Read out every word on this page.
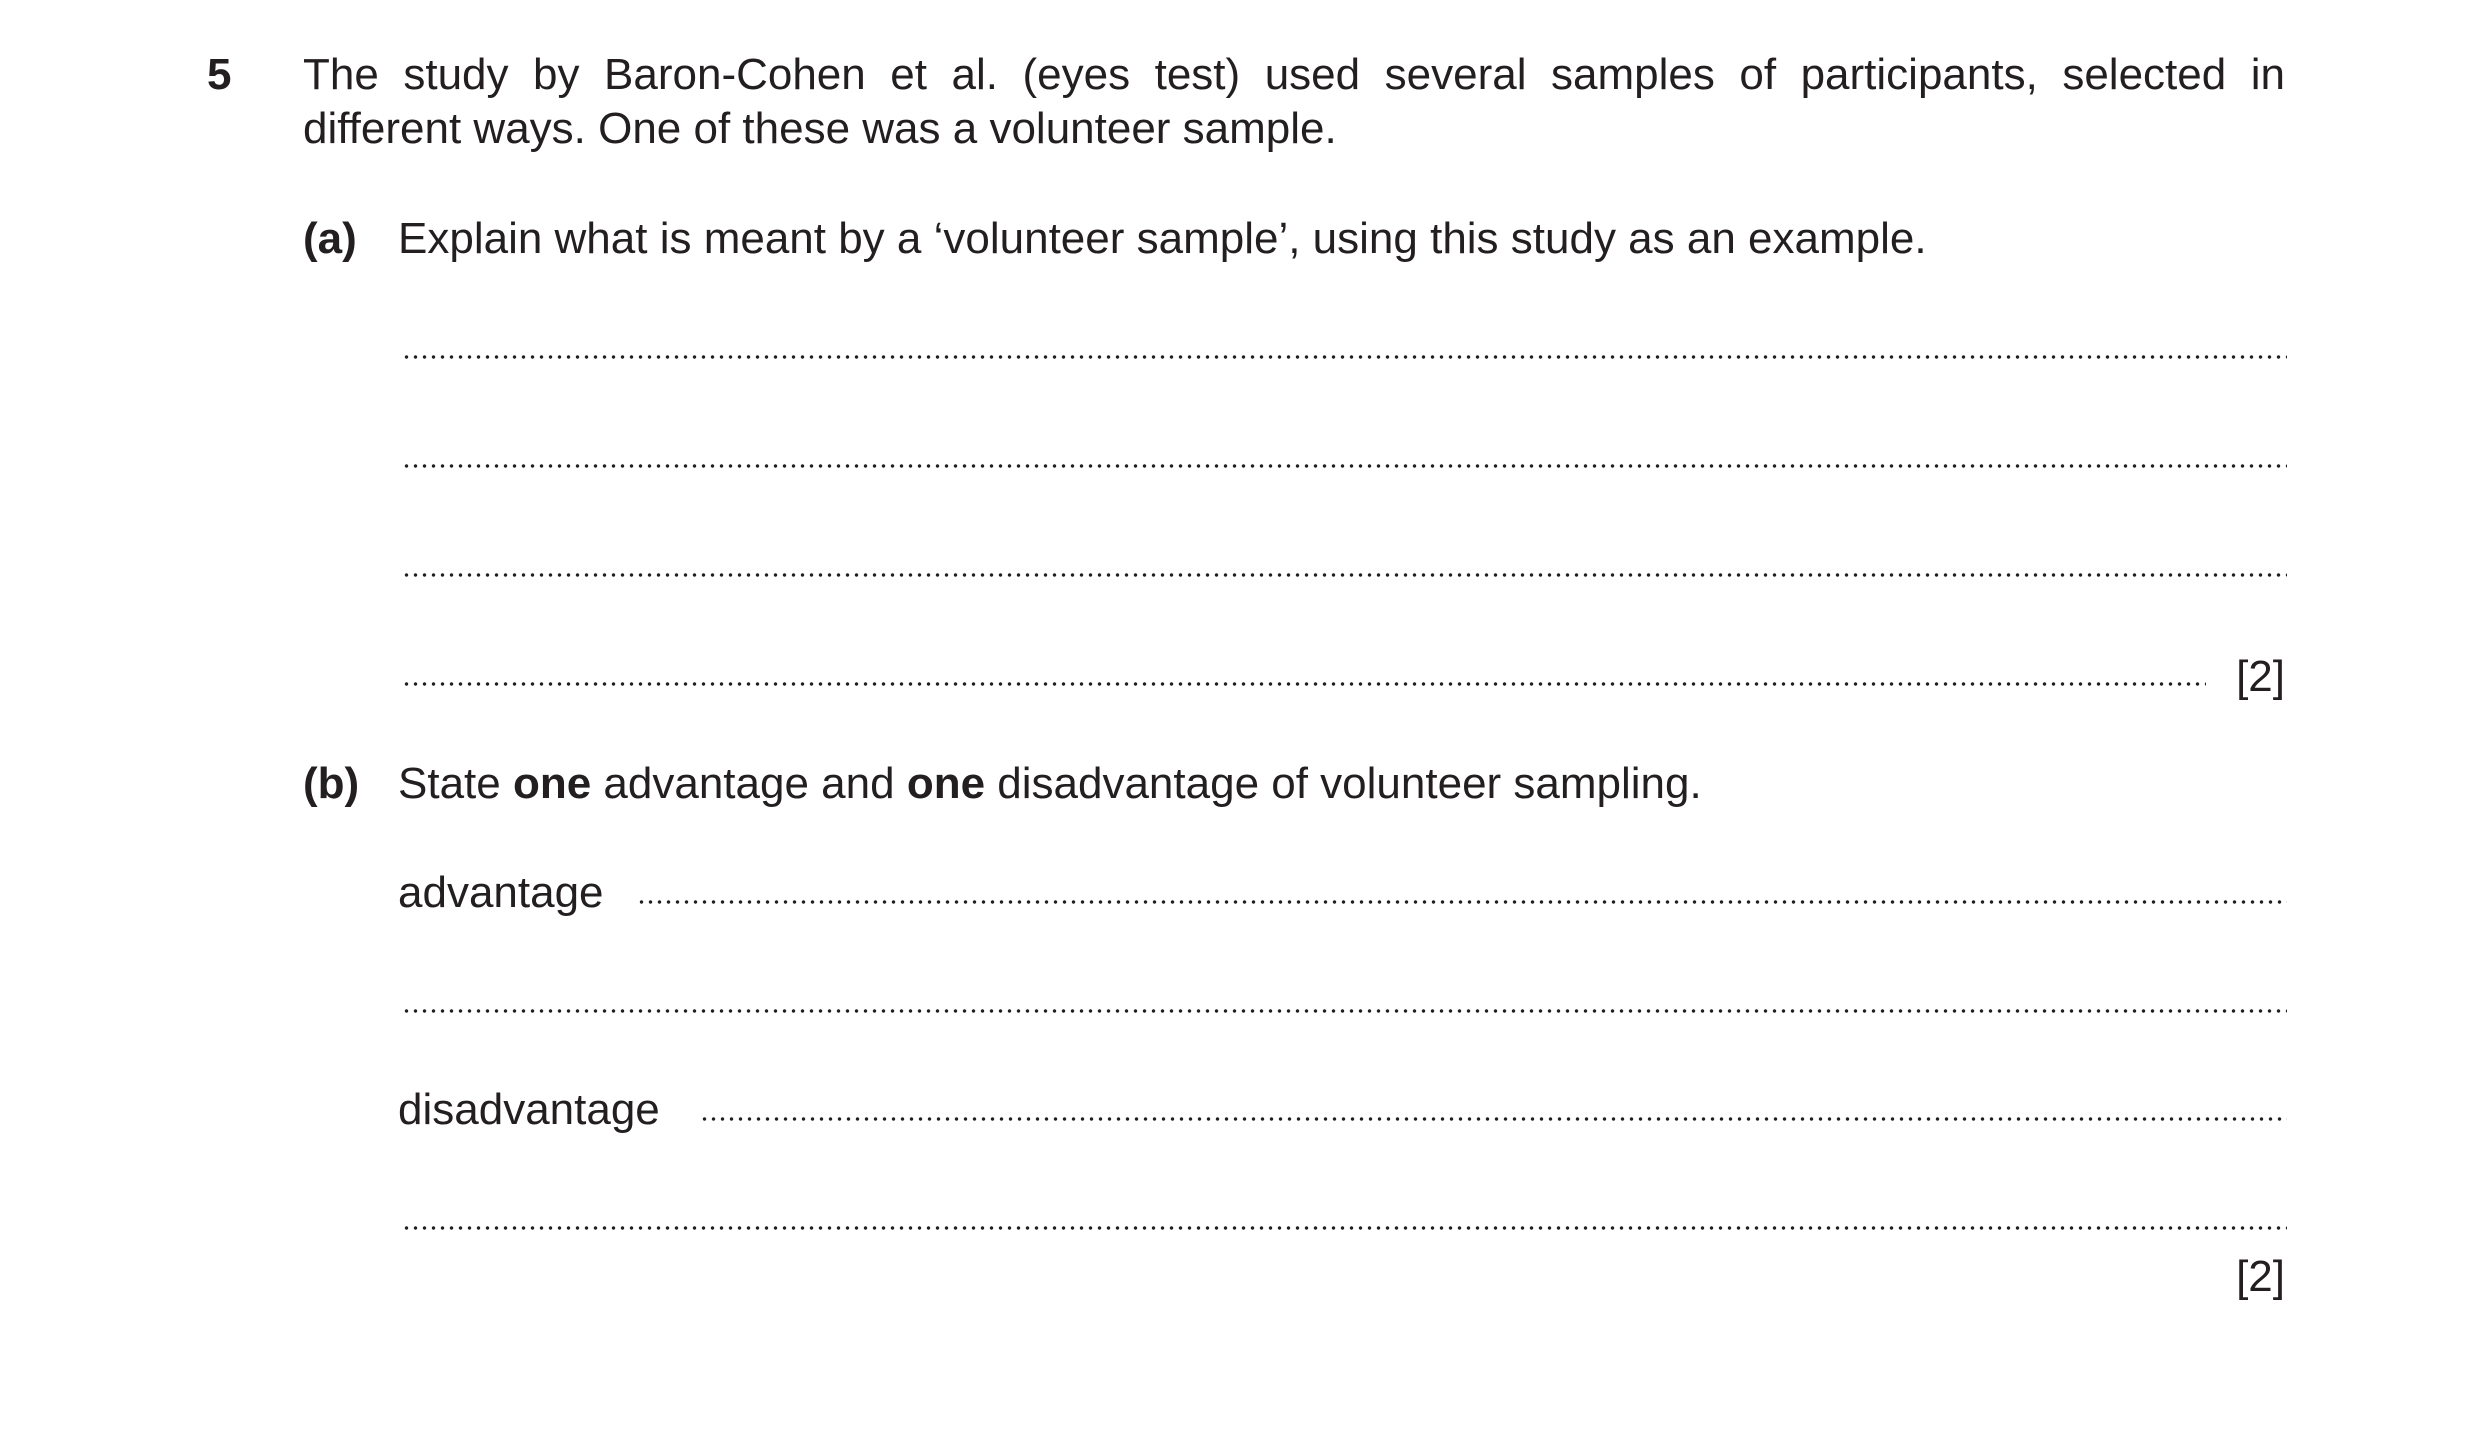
5 The study by Baron-Cohen et al. (eyes test) used several samples of participants, selected in
different ways. One of these was a volunteer sample.
(a) Explain what is meant by a ‘volunteer sample’, using this study as an example.
[2]
(b) State one advantage and one disadvantage of volunteer sampling.
advantage
disadvantage
[2]
